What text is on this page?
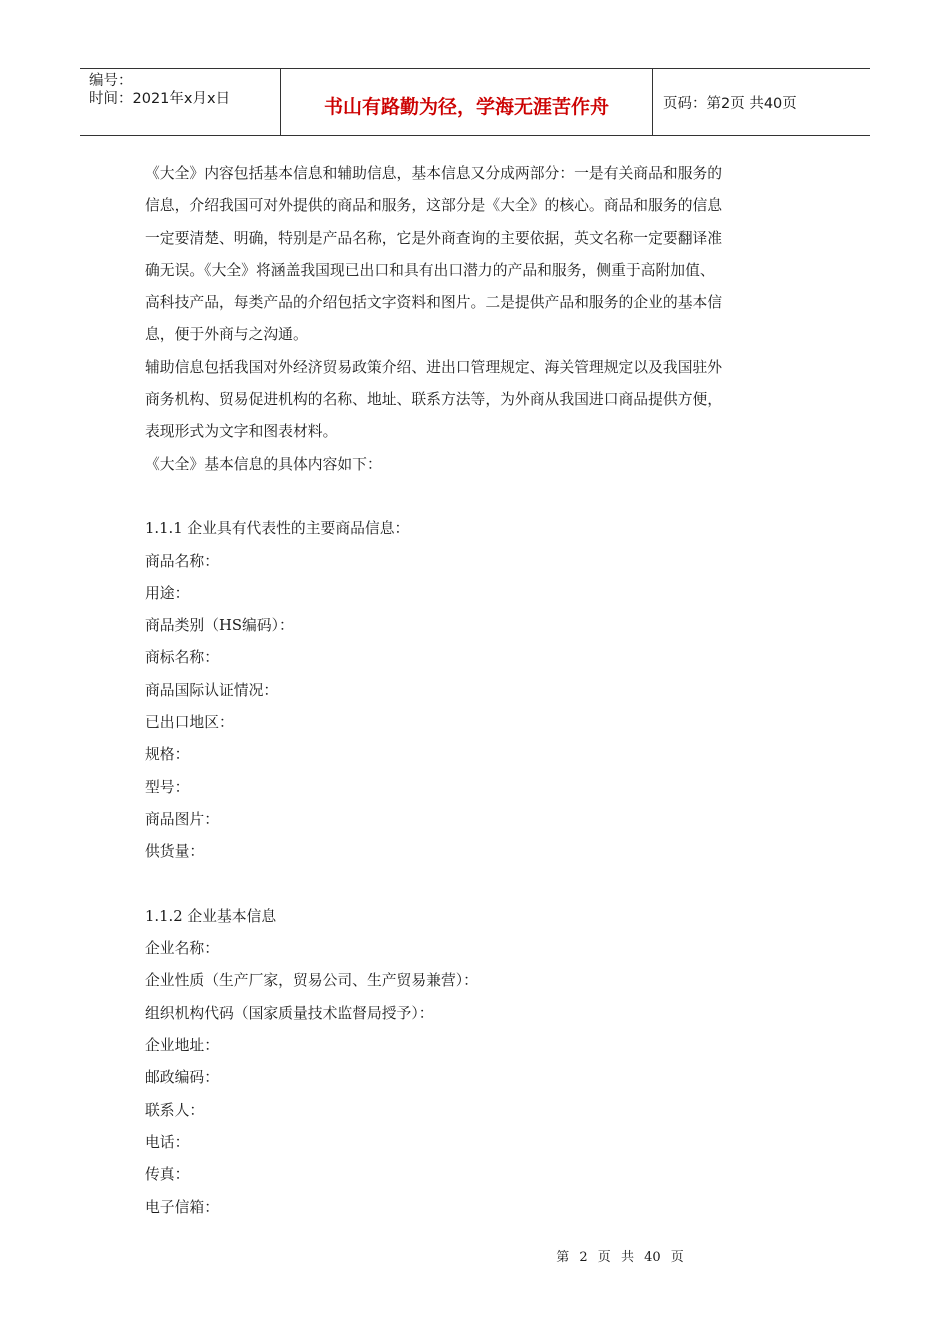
编号：
时间：2021年x月x日	书山有路勤为径，学海无涯苦作舟	页码：第2页 共40页

《大全》内容包括基本信息和辅助信息，基本信息又分成两部分：一是有关商品和服务的

信息，介绍我国可对外提供的商品和服务，这部分是《大全》的核心。商品和服务的信息

一定要清楚、明确，特别是产品名称，它是外商查询的主要依据，英文名称一定要翻译准

确无误。《大全》将涵盖我国现已出口和具有出口潜力的产品和服务，侧重于高附加值、

高科技产品，每类产品的介绍包括文字资料和图片。二是提供产品和服务的企业的基本信

息，便于外商与之沟通。

辅助信息包括我国对外经济贸易政策介绍、进出口管理规定、海关管理规定以及我国驻外

商务机构、贸易促进机构的名称、地址、联系方法等，为外商从我国进口商品提供方便，

表现形式为文字和图表材料。

《大全》基本信息的具体内容如下：

1.1.1 企业具有代表性的主要商品信息：

商品名称：

用途：

商品类别（HS编码）：

商标名称：

商品国际认证情况：

已出口地区：

规格：

型号：

商品图片：

供货量：

1.1.2 企业基本信息

企业名称：

企业性质（生产厂家，贸易公司、生产贸易兼营）：

组织机构代码（国家质量技术监督局授予）：

企业地址：

邮政编码：

联系人：

电话：

传真：

电子信箱：

第 2 页 共 40 页
